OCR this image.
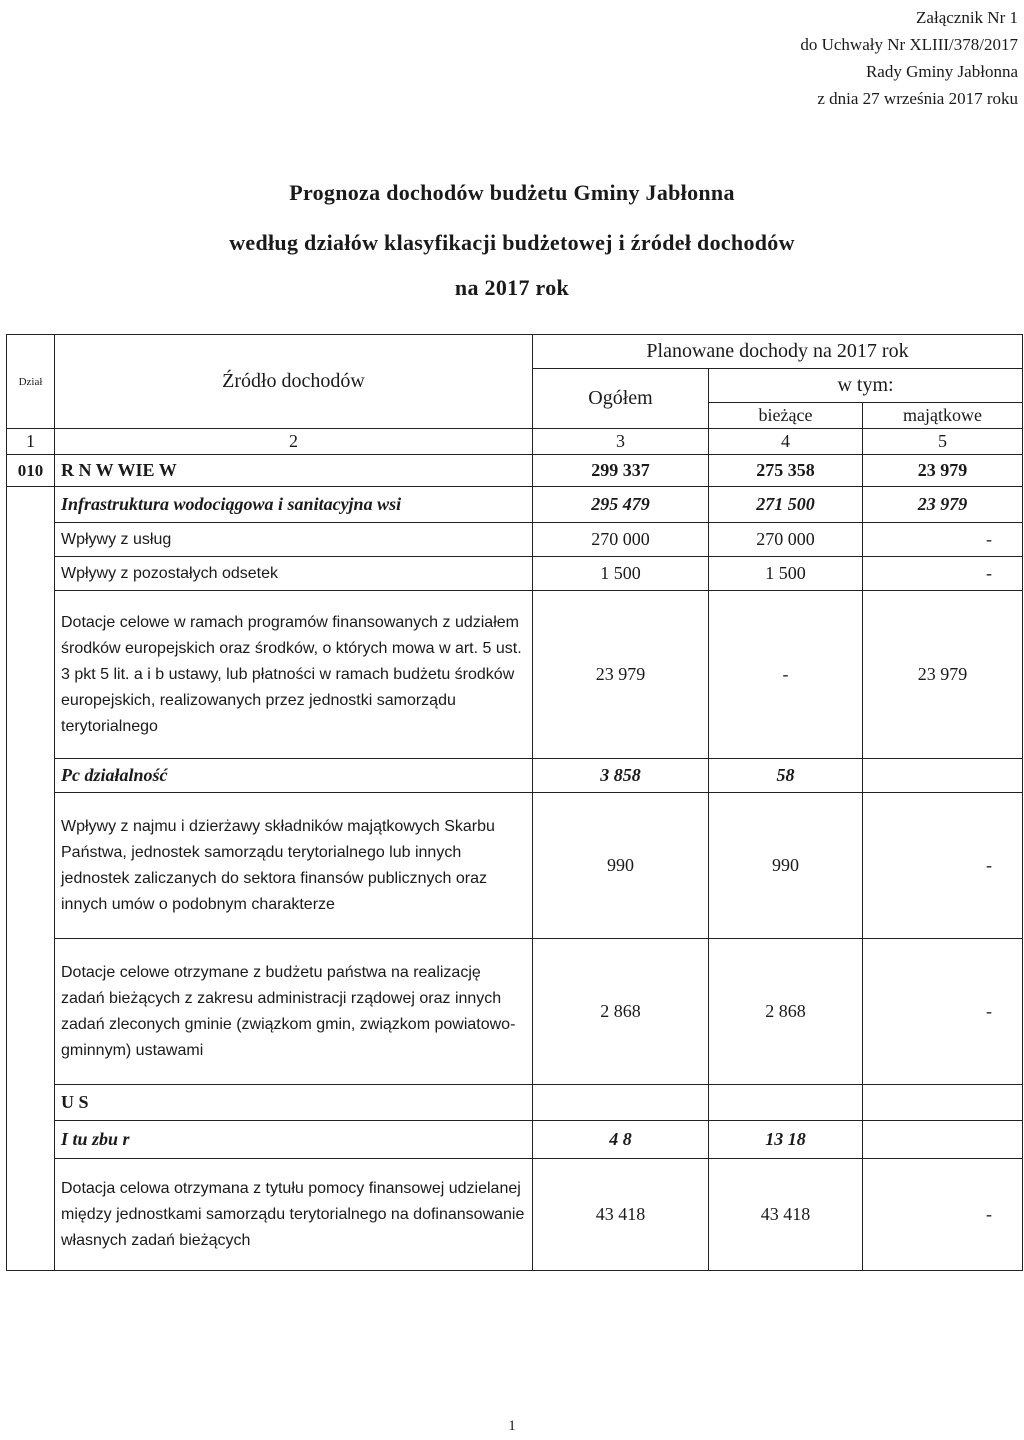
Załącznik Nr 1
do Uchwały Nr XLIII/378/2017
Rady Gminy Jabłonna
z dnia 27 września 2017 roku
Prognoza dochodów budżetu Gminy Jabłonna
według działów klasyfikacji budżetowej i źródeł dochodów
na 2017 rok
Dział	Źródło dochodów	Planowane dochody na 2017 rok		
		Ogółem	w tym:	
			bieżące	majątkowe
1	2	3	4	5
010	R N W WIE W	299 337	275 358	23 979
	Infrastruktura wodociągowa i sanitacyjna wsi	295 479	271 500	23 979
	Wpływy z usług	270 000	270 000	-
	Wpływy z pozostałych odsetek	1 500	1 500	-
	Dotacje celowe w ramach programów finansowanych z udziałem środków europejskich oraz środków, o których mowa w art. 5 ust. 3 pkt 5 lit. a i b ustawy, lub płatności w ramach budżetu środków europejskich, realizowanych przez jednostki samorządu terytorialnego	23 979	-	23 979
	Pc działalność	3 858	58	
	Wpływy z najmu i dzierżawy składników majątkowych Skarbu Państwa, jednostek samorządu terytorialnego lub innych jednostek zaliczanych do sektora finansów publicznych oraz innych umów o podobnym charakterze	990	990	-
	Dotacje celowe otrzymane z budżetu państwa na realizację zadań bieżących z zakresu administracji rządowej oraz innych zadań zleconych gminie (związkom gmin, związkom powiatowo-gminnym) ustawami	2 868	2 868	-
	U S			
	I tu zbu r	4 8	13 18	
	Dotacja celowa otrzymana z tytułu pomocy finansowej udzielanej między jednostkami samorządu terytorialnego na dofinansowanie własnych zadań bieżących	43 418	43 418	-
1
